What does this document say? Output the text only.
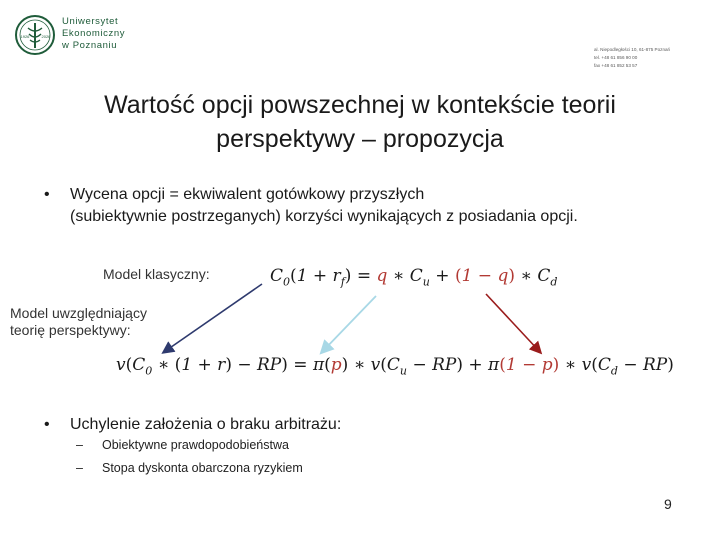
1926	2026
Uniwersytet
Ekonomiczny
w Poznaniu	al. Niepodległości 10, 61-875 Poznań
tel. +48 61 856 90 00
fax +48 61 852 53 57
Wartość opcji powszechnej w kontekście teorii
perspektywy – propozycja
• Wycena opcji = ekwiwalent gotówkowy przyszłych
(subiektywnie postrzeganych) korzyści wynikających z posiadania opcji.
Model klasyczny:	$C_0(1 + r_f) = q$ ∗ $C_u + (1 - q)$ ∗ $C_d$
Model uwzględniający
teorię perspektywy:
$v(C_0$ ∗ (1 + r) − RP) = π(p) ∗ $v(C_u - RP) + \pi(1 - p)$ ∗ $v(C_d - RP)$
• Uchylenie założenia o braku arbitrażu:
– Obiektywne prawdopodobieństwa
– Stopa dyskonta obarczona ryzykiem
9
